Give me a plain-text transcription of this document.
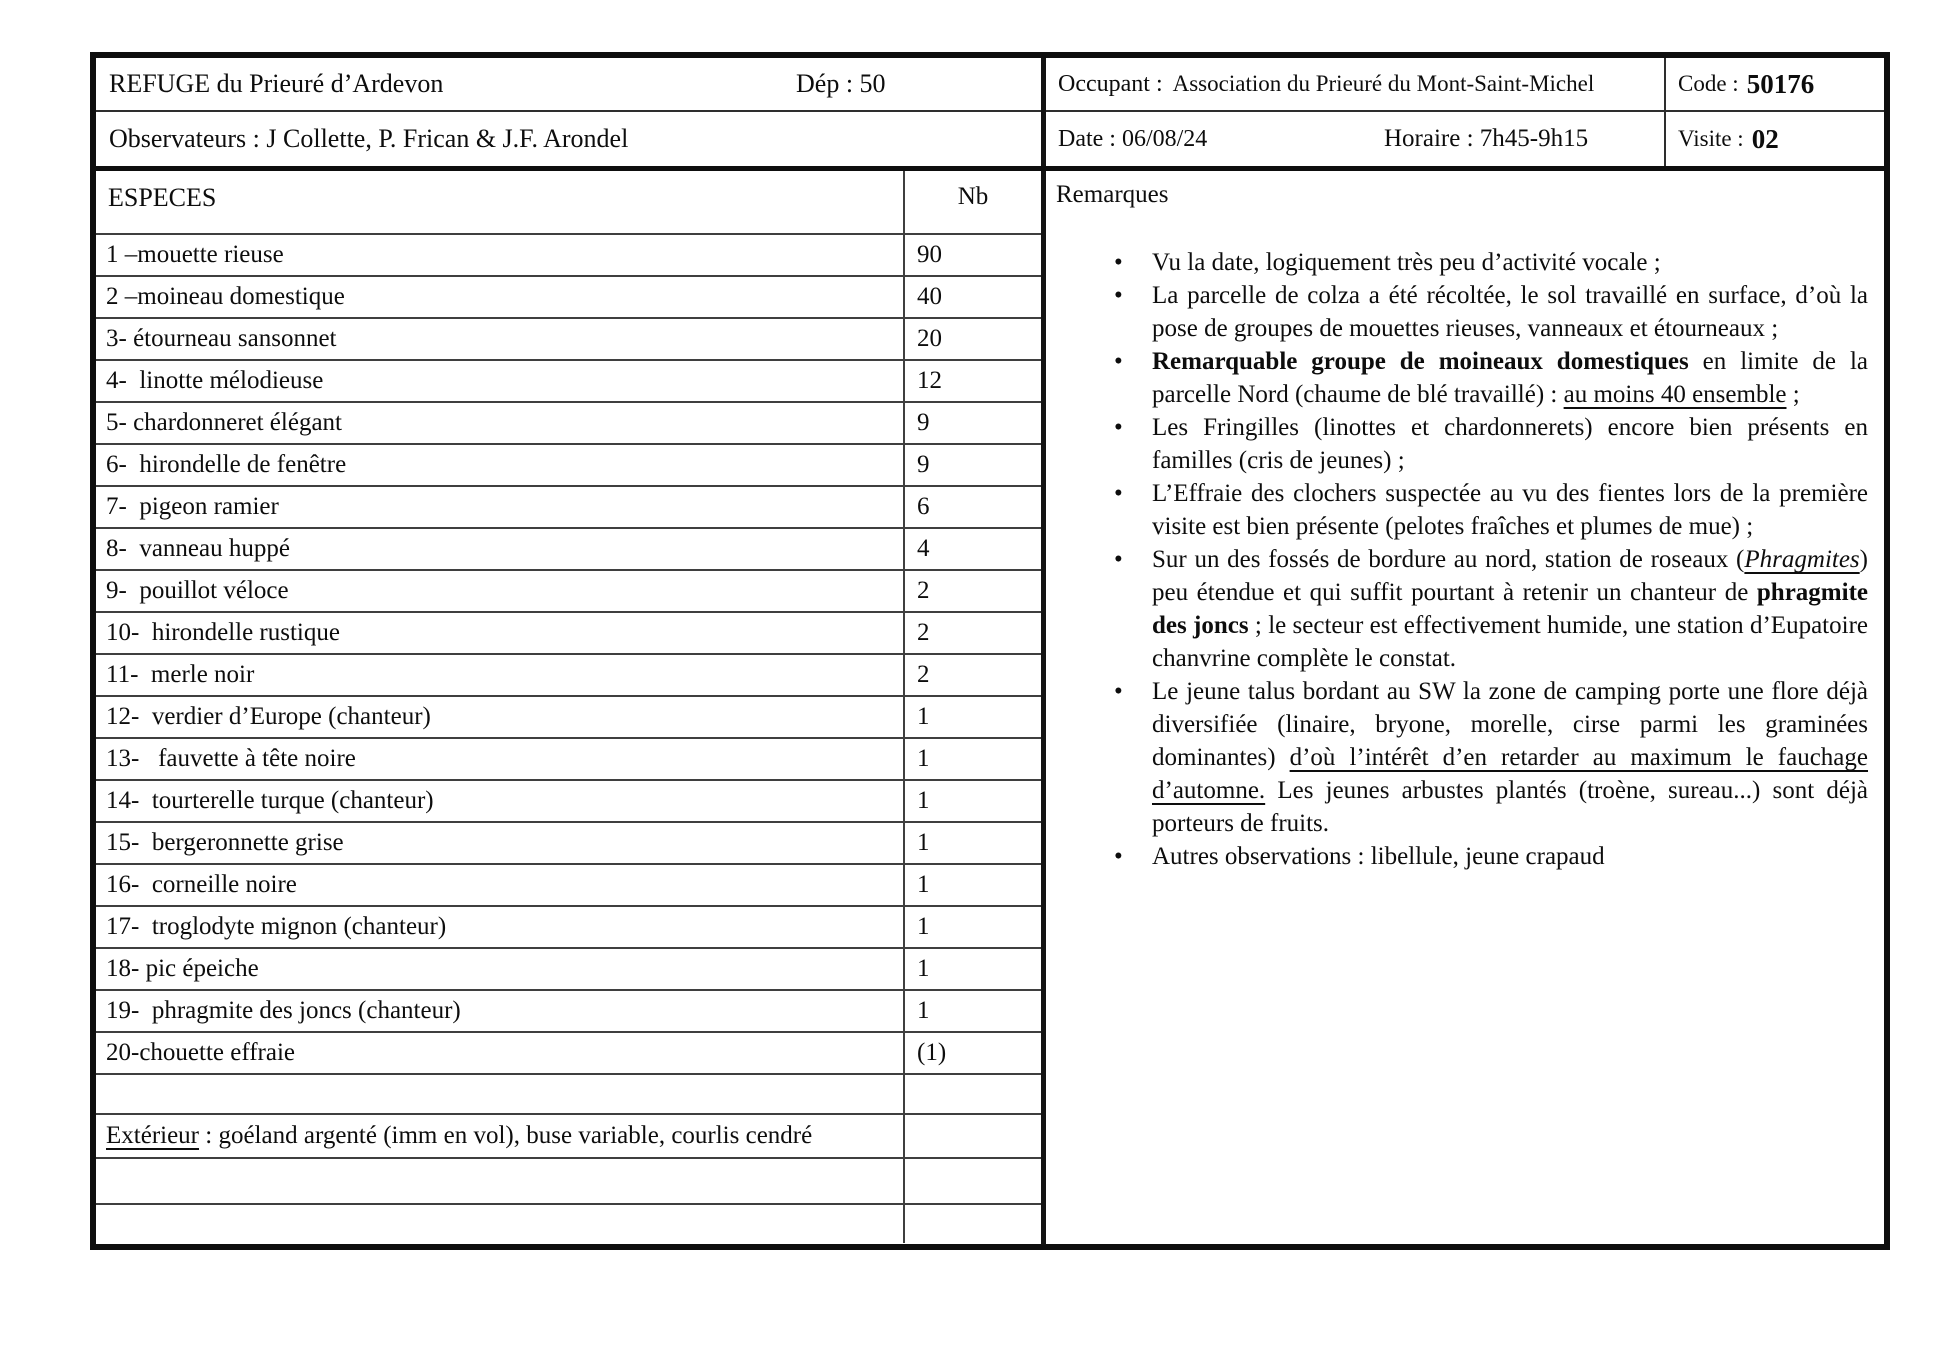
REFUGE du Prieuré d’Ardevon	Dép : 50
Observateurs : J Collette, P. Frican & J.F. Arondel
Occupant : Association du Prieuré du Mont-Saint-Michel
Date : 06/08/24	Horaire : 7h45-9h15
Code : 50176
Visite : 02
ESPECES	Nb
1 –mouette rieuse	90
2 –moineau domestique	40
3- étourneau sansonnet	20
4-  linotte mélodieuse	12
5- chardonneret élégant	9
6-  hirondelle de fenêtre	9
7-  pigeon ramier	6
8-  vanneau huppé	4
9-  pouillot véloce	2
10-  hirondelle rustique	2
11-  merle noir	2
12-  verdier d’Europe (chanteur)	1
13-   fauvette à tête noire	1
14-  tourterelle turque (chanteur)	1
15-  bergeronnette grise	1
16-  corneille noire	1
17-  troglodyte mignon (chanteur)	1
18- pic épeiche	1
19-  phragmite des joncs (chanteur)	1
20-chouette effraie	(1)
Extérieur : goéland argenté (imm en vol), buse variable, courlis cendré
Remarques
• Vu la date, logiquement très peu d’activité vocale ;
• La parcelle de colza a été récoltée, le sol travaillé en surface, d’où la pose de groupes de mouettes rieuses, vanneaux et étourneaux ;
• Remarquable groupe de moineaux domestiques en limite de la parcelle Nord (chaume de blé travaillé) : au moins 40 ensemble ;
• Les Fringilles (linottes et chardonnerets) encore bien présents en familles (cris de jeunes) ;
• L’Effraie des clochers suspectée au vu des fientes lors de la première visite est bien présente (pelotes fraîches et plumes de mue) ;
• Sur un des fossés de bordure au nord, station de roseaux (Phragmites) peu étendue et qui suffit pourtant à retenir un chanteur de phragmite des joncs ; le secteur est effectivement humide, une station d’Eupatoire chanvrine complète le constat.
• Le jeune talus bordant au SW la zone de camping porte une flore déjà diversifiée (linaire, bryone, morelle, cirse parmi les graminées dominantes) d’où l’intérêt d’en retarder au maximum le fauchage d’automne. Les jeunes arbustes plantés (troène, sureau...) sont déjà porteurs de fruits.
• Autres observations : libellule, jeune crapaud
